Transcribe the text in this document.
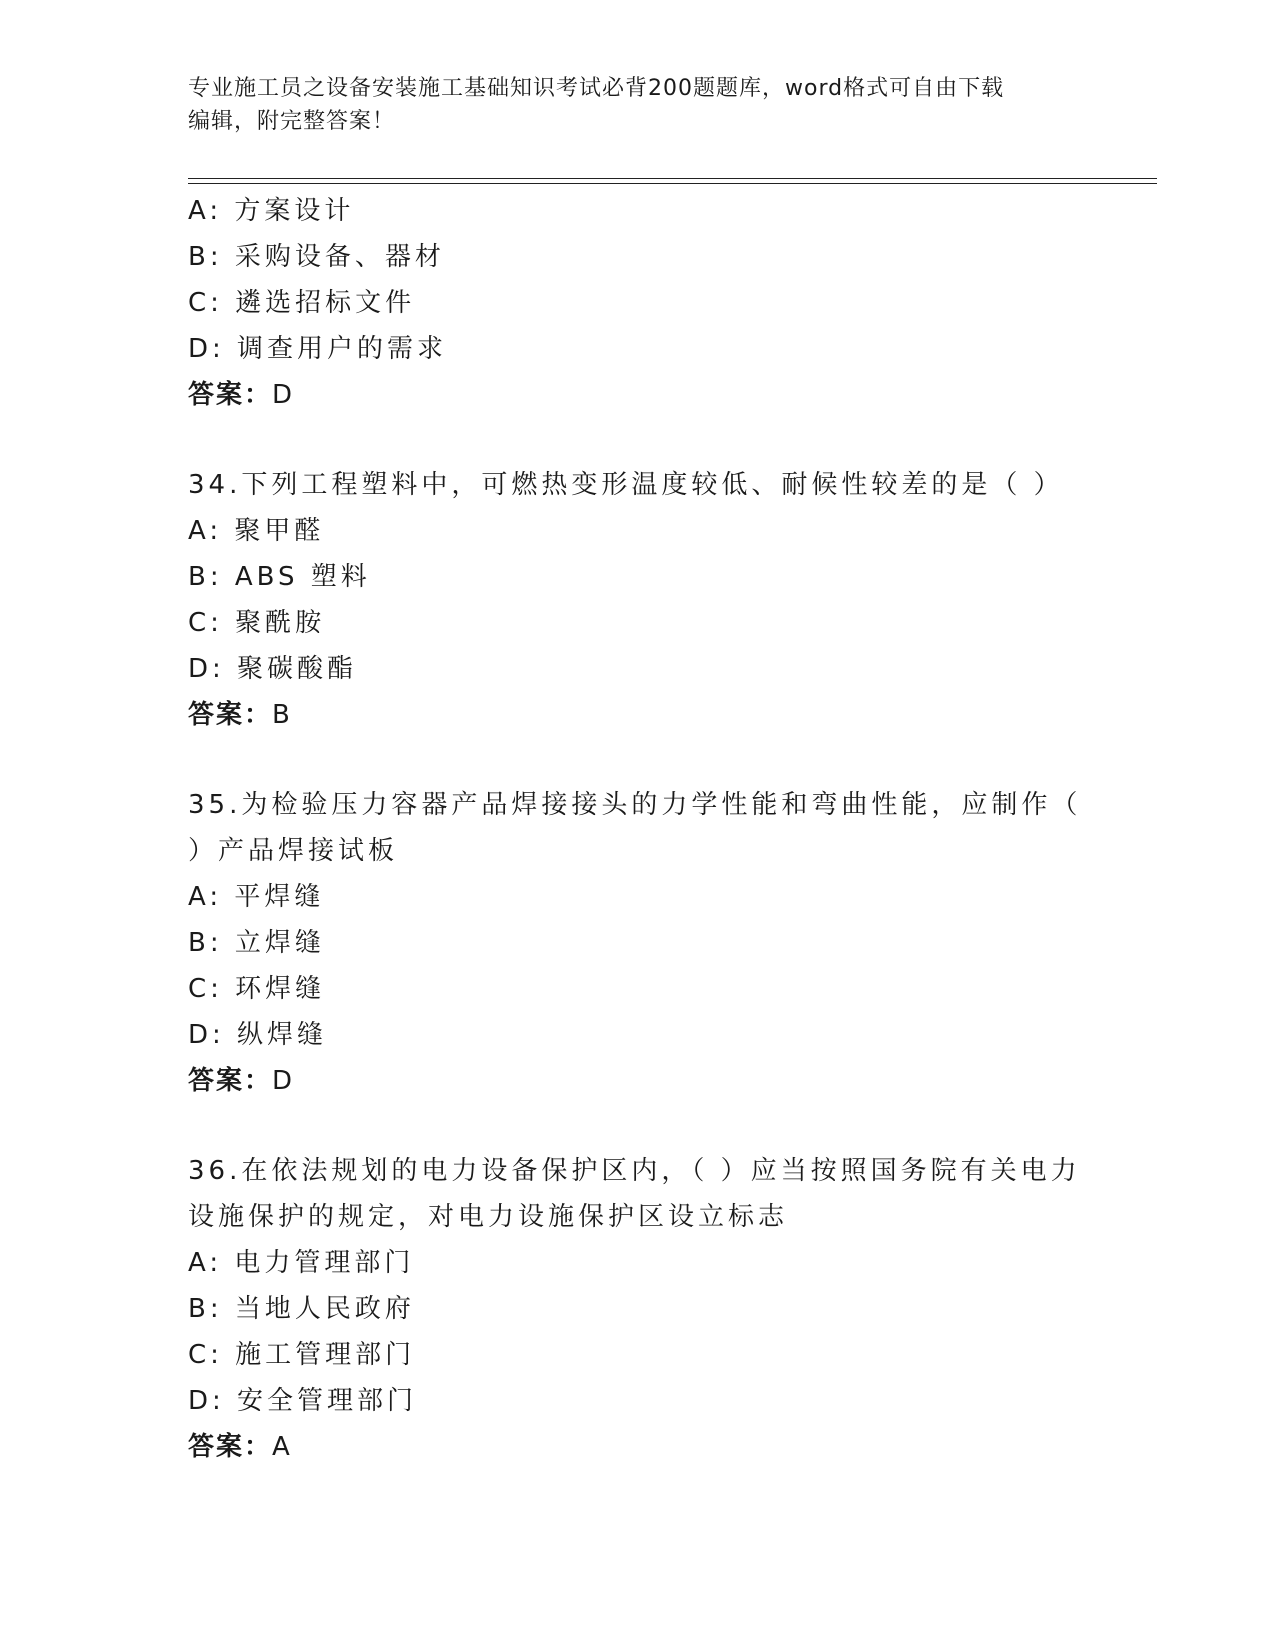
专业施工员之设备安装施工基础知识考试必背200题题库，word格式可自由下载
编辑，附完整答案！
A: 方案设计
B: 采购设备、器材
C: 遴选招标文件
D: 调查用户的需求
答案：D
34.下列工程塑料中，可燃热变形温度较低、耐候性较差的是（ ）
A: 聚甲醛
B: ABS 塑料
C: 聚酰胺
D: 聚碳酸酯
答案：B
35.为检验压力容器产品焊接接头的力学性能和弯曲性能，应制作（
）产品焊接试板
A: 平焊缝
B: 立焊缝
C: 环焊缝
D: 纵焊缝
答案：D
36.在依法规划的电力设备保护区内，（ ）应当按照国务院有关电力
设施保护的规定，对电力设施保护区设立标志
A: 电力管理部门
B: 当地人民政府
C: 施工管理部门
D: 安全管理部门
答案：A
